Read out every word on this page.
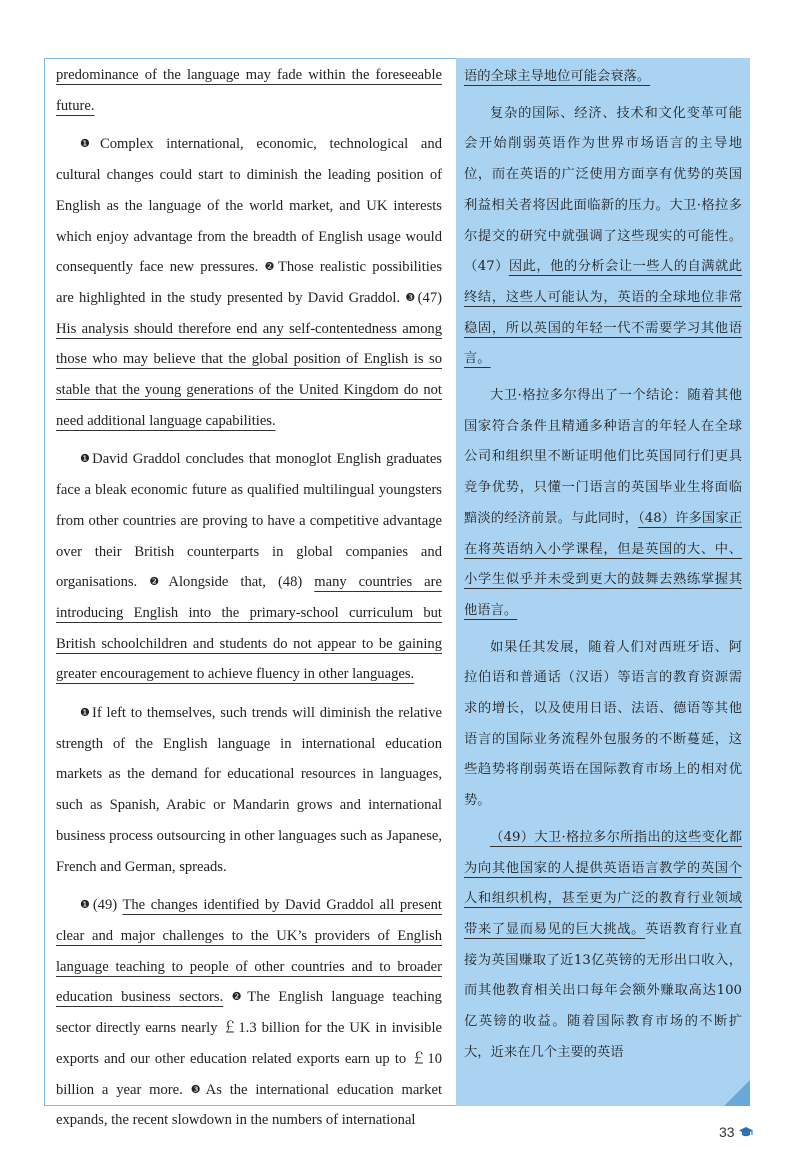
predominance of the language may fade within the foreseeable future.

❶Complex international, economic, technological and cultural changes could start to diminish the leading position of English as the language of the world market, and UK interests which enjoy advantage from the breadth of English usage would consequently face new pressures. ❷Those realistic possibilities are highlighted in the study presented by David Graddol. ❸(47) His analysis should therefore end any self-contentedness among those who may believe that the global position of English is so stable that the young generations of the United Kingdom do not need additional language capabilities.

❶David Graddol concludes that monoglot English graduates face a bleak economic future as qualified multilingual youngsters from other countries are proving to have a competitive advantage over their British counterparts in global companies and organisations. ❷Alongside that, (48) many countries are introducing English into the primary-school curriculum but British schoolchildren and students do not appear to be gaining greater encouragement to achieve fluency in other languages.

❶If left to themselves, such trends will diminish the relative strength of the English language in international education markets as the demand for educational resources in languages, such as Spanish, Arabic or Mandarin grows and international business process outsourcing in other languages such as Japanese, French and German, spreads.

❶(49) The changes identified by David Graddol all present clear and major challenges to the UK’s providers of English language teaching to people of other countries and to broader education business sectors. ❷The English language teaching sector directly earns nearly ￡1.3 billion for the UK in invisible exports and our other education related exports earn up to ￡10 billion a year more. ❸As the international education market expands, the recent slowdown in the numbers of international

语的全球主导地位可能会衰落。

复杂的国际、经济、技术和文化变革可能会开始削弱英语作为世界市场语言的主导地位，而在英语的广泛使用方面享有优势的英国利益相关者将因此面临新的压力。大卫·格拉多尔提交的研究中就强调了这些现实的可能性。（47）因此，他的分析会让一些人的自满就此终结，这些人可能认为，英语的全球地位非常稳固，所以英国的年轻一代不需要学习其他语言。

大卫·格拉多尔得出了一个结论：随着其他国家符合条件且精通多种语言的年轻人在全球公司和组织里不断证明他们比英国同行们更具竞争优势，只懂一门语言的英国毕业生将面临黯淡的经济前景。与此同时，（48）许多国家正在将英语纳入小学课程，但是英国的大、中、小学生似乎并未受到更大的鼓舞去熟练掌握其他语言。

如果任其发展，随着人们对西班牙语、阿拉伯语和普通话（汉语）等语言的教育资源需求的增长，以及使用日语、法语、德语等其他语言的国际业务流程外包服务的不断蔓延，这些趋势将削弱英语在国际教育市场上的相对优势。

（49）大卫·格拉多尔所指出的这些变化都为向其他国家的人提供英语语言教学的英国个人和组织机构，甚至更为广泛的教育行业领域带来了显而易见的巨大挑战。英语教育行业直接为英国赚取了近13亿英镑的无形出口收入，而其他教育相关出口每年会额外赚取高达100亿英镑的收益。随着国际教育市场的不断扩大，近来在几个主要的英语

33
